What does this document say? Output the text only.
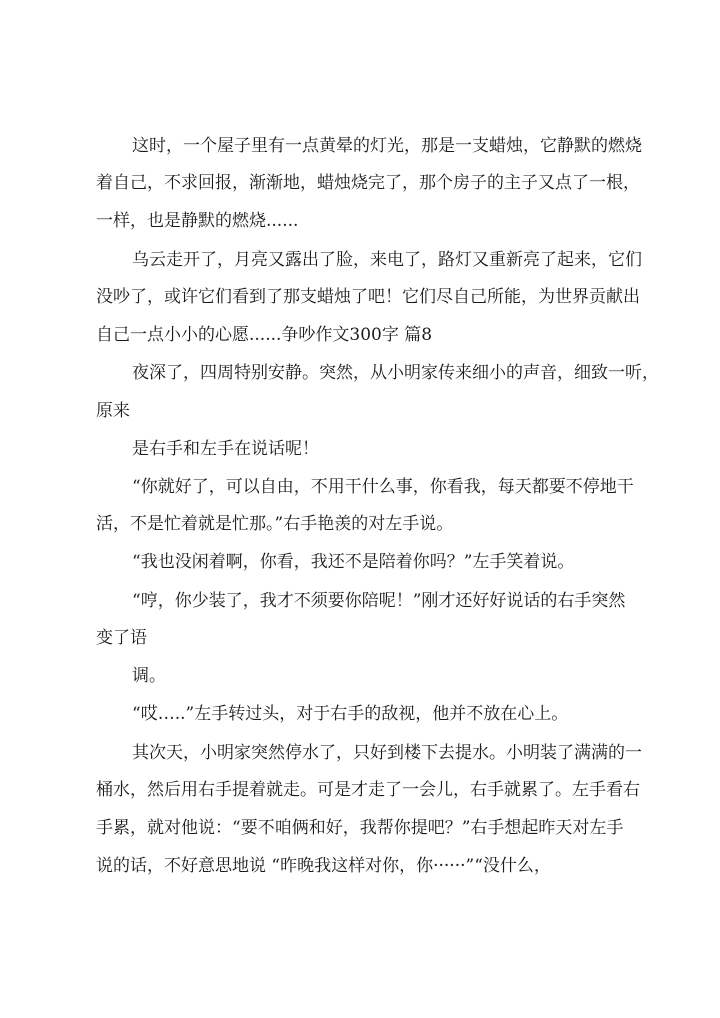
这时，一个屋子里有一点黄晕的灯光，那是一支蜡烛，它静默的燃烧
着自己，不求回报，渐渐地，蜡烛烧完了，那个房子的主子又点了一根，
一样，也是静默的燃烧......
乌云走开了，月亮又露出了脸，来电了，路灯又重新亮了起来，它们
没吵了，或许它们看到了那支蜡烛了吧！它们尽自己所能，为世界贡献出
自己一点小小的心愿......争吵作文300字 篇8
夜深了，四周特别安静。突然，从小明家传来细小的声音，细致一听，
原来
是右手和左手在说话呢！
“你就好了，可以自由，不用干什么事，你看我，每天都要不停地干
活，不是忙着就是忙那。”右手艳羡的对左手说。
“我也没闲着啊，你看，我还不是陪着你吗？”左手笑着说。
“哼，你少装了，我才不须要你陪呢！”刚才还好好说话的右手突然
变了语
调。
“哎…..”左手转过头，对于右手的敌视，他并不放在心上。
其次天，小明家突然停水了，只好到楼下去提水。小明装了满满的一
桶水，然后用右手提着就走。可是才走了一会儿，右手就累了。左手看右
手累，就对他说：“要不咱俩和好，我帮你提吧？”右手想起昨天对左手
说的话，不好意思地说 “昨晚我这样对你，你······”“没什么，
